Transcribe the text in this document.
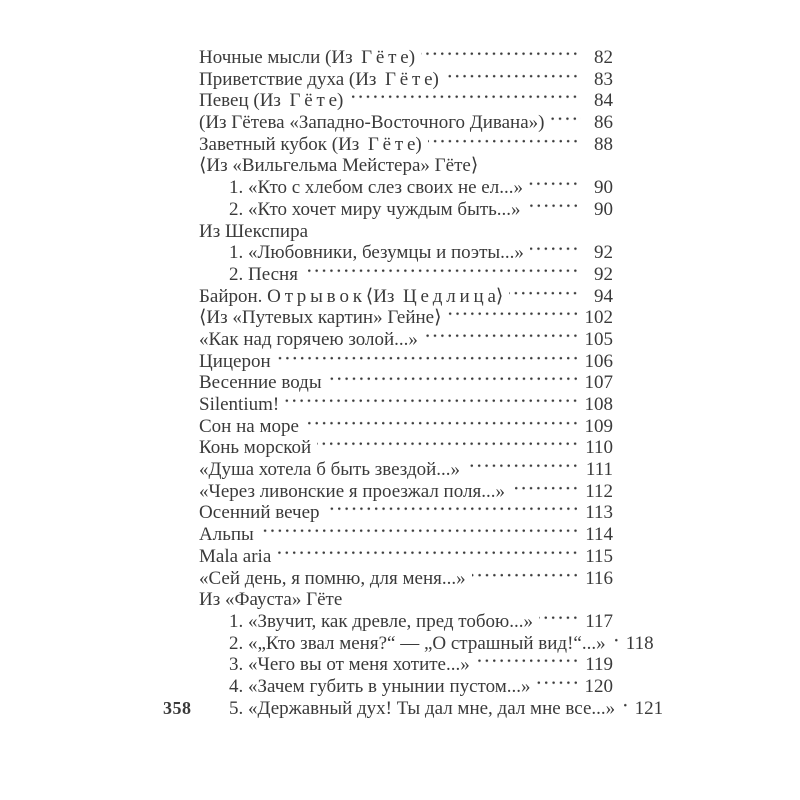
Ночные мысли (Из  Г ё т е)	82
Приветствие духа (Из  Г ё т е)	83
Певец (Из  Г ё т е)	84
(Из Гётева «Западно-Восточного Дивана»)	86
Заветный кубок (Из  Г ё т е)	88
⟨Из «Вильгельма Мейстера» Гёте⟩
1. «Кто с хлебом слез своих не ел...»	90
2. «Кто хочет миру чуждым быть...»	90
Из Шекспира
1. «Любовники, безумцы и поэты...»	92
2. Песня	92
Байрон. О т р ы в о к ⟨Из  Ц е д л и ц а⟩	94
⟨Из «Путевых картин» Гейне⟩	102
«Как над горячею золой...»	105
Цицерон	106
Весенние воды	107
Silentium!	108
Сон на море	109
Конь морской	110
«Душа хотела б быть звездой...»	111
«Через ливонские я проезжал поля...»	112
Осенний вечер	113
Альпы	114
Mala aria	115
«Сей день, я помню, для меня...»	116
Из «Фауста» Гёте
1. «Звучит, как древле, пред тобою...»	117
2. «„Кто звал меня?“ — „О страшный вид!“...» 118
3. «Чего вы от меня хотите...»	119
4. «Зачем губить в унынии пустом...»	120
5. «Державный дух! Ты дал мне, дал мне все...» 121
358
